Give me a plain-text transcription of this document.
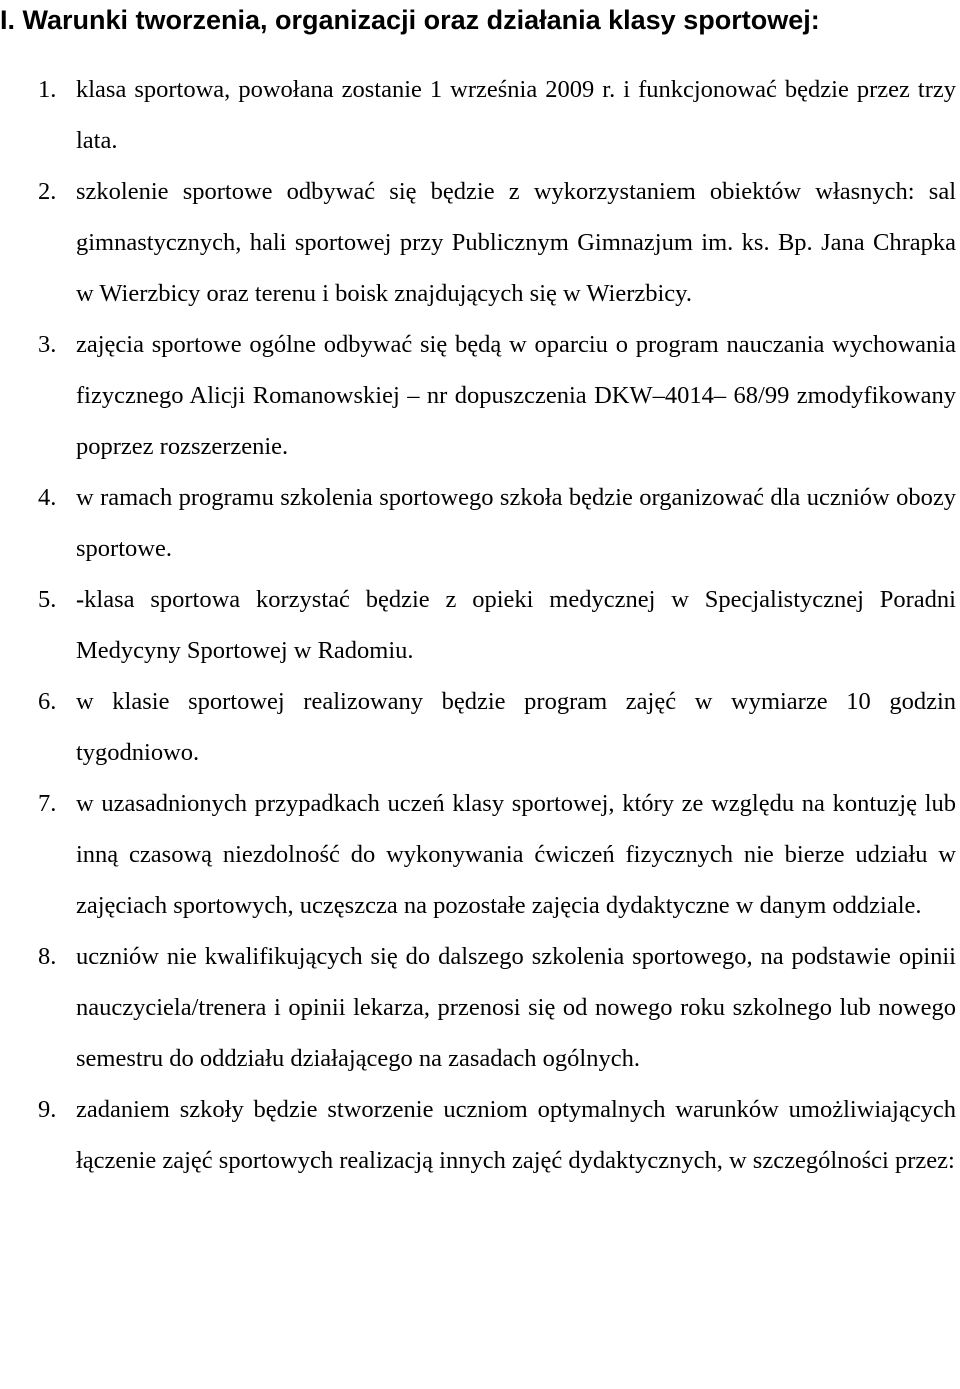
I. Warunki tworzenia, organizacji oraz działania klasy sportowej:
1. klasa sportowa, powołana zostanie 1 września 2009 r. i funkcjonować będzie przez trzy lata.
2. szkolenie sportowe odbywać się będzie z wykorzystaniem obiektów własnych: sal gimnastycznych, hali sportowej przy Publicznym Gimnazjum im. ks. Bp. Jana Chrapka w Wierzbicy oraz terenu i boisk znajdujących się w Wierzbicy.
3. zajęcia sportowe ogólne odbywać się będą w oparciu o program nauczania wychowania fizycznego Alicji Romanowskiej – nr dopuszczenia DKW–4014– 68/99 zmodyfikowany poprzez rozszerzenie.
4. w ramach programu szkolenia sportowego szkoła będzie organizować dla uczniów obozy sportowe.
5. -klasa sportowa korzystać będzie z opieki medycznej w Specjalistycznej Poradni Medycyny Sportowej w Radomiu.
6. w klasie sportowej realizowany będzie program zajęć w wymiarze 10 godzin tygodniowo.
7. w uzasadnionych przypadkach uczeń klasy sportowej, który ze względu na kontuzję lub inną czasową niezdolność do wykonywania ćwiczeń fizycznych nie bierze udziału w zajęciach sportowych, uczęszcza na pozostałe zajęcia dydaktyczne w danym oddziale.
8. uczniów nie kwalifikujących się do dalszego szkolenia sportowego, na podstawie opinii nauczyciela/trenera i opinii lekarza, przenosi się od nowego roku szkolnego lub nowego semestru do oddziału działającego na zasadach ogólnych.
9. zadaniem szkoły będzie stworzenie uczniom optymalnych warunków umożliwiających łączenie zajęć sportowych realizacją innych zajęć dydaktycznych, w szczególności przez:
